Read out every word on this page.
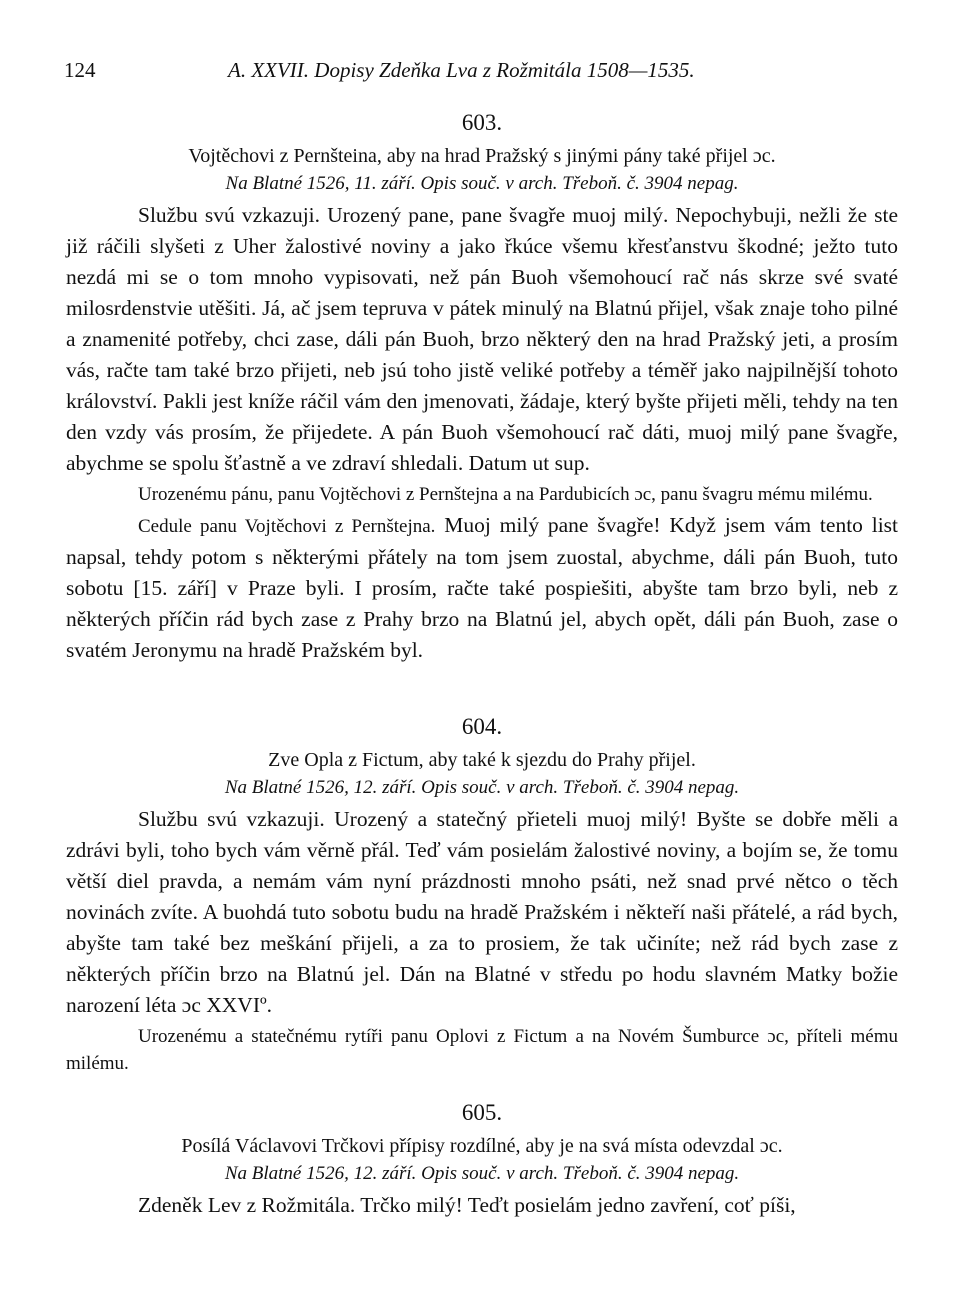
124	A. XXVII. Dopisy Zdeňka Lva z Rožmitála 1508—1535.
603.
Vojtěchovi z Pernšteina, aby na hrad Pražský s jinými pány také přijel ɔc.
Na Blatné 1526, 11. září. Opis souč. v arch. Třeboň. č. 3904 nepag.

Službu svú vzkazuji. Urozený pane, pane švagře muoj milý. Nepochybuji, nežli že ste již ráčili slyšeti z Uher žalostivé noviny a jako řkúce všemu křesťanstvu škodné; ježto tuto nezdá mi se o tom mnoho vypisovati, než pán Buoh všemohoucí rač nás skrze své svaté milosrdenstvie utěšiti. Já, ač jsem tepruva v pátek minulý na Blatnú přijel, však znaje toho pilné a znamenité potřeby, chci zase, dáli pán Buoh, brzo některý den na hrad Pražský jeti, a prosím vás, račte tam také brzo přijeti, neb jsú toho jistě veliké potřeby a téměř jako najpilnější tohoto království. Pakli jest kníže ráčil vám den jmenovati, žádaje, který byšte přijeti měli, tehdy na ten den vzdy vás prosím, že přijedete. A pán Buoh všemohoucí rač dáti, muoj milý pane švagře, abychme se spolu šťastně a ve zdraví shledali. Datum ut sup.

Urozenému pánu, panu Vojtěchovi z Pernštejna a na Pardubicích ɔc, panu švagru mému milému.

Cedule panu Vojtěchovi z Pernštejna. Muoj milý pane švagře! Když jsem vám tento list napsal, tehdy potom s některými přátely na tom jsem zuostal, abychme, dáli pán Buoh, tuto sobotu [15. září] v Praze byli. I prosím, račte také pospiešiti, abyšte tam brzo byli, neb z některých příčin rád bych zase z Prahy brzo na Blatnú jel, abych opět, dáli pán Buoh, zase o svatém Jeronymu na hradě Pražském byl.

604.
Zve Opla z Fictum, aby také k sjezdu do Prahy přijel.
Na Blatné 1526, 12. září. Opis souč. v arch. Třeboň. č. 3904 nepag.

Službu svú vzkazuji. Urozený a statečný přieteli muoj milý! Byšte se dobře měli a zdrávi byli, toho bych vám věrně přál. Teď vám posielám žalostivé noviny, a bojím se, že tomu větší diel pravda, a nemám vám nyní prázdnosti mnoho psáti, než snad prvé nětco o těch novinách zvíte. A buohdá tuto sobotu budu na hradě Pražském i někteří naši přátelé, a rád bych, abyšte tam také bez meškání přijeli, a za to prosiem, že tak učiníte; než rád bych zase z některých příčin brzo na Blatnú jel. Dán na Blatné v středu po hodu slavném Matky božie narození léta ɔc XXVIº.

Urozenému a statečnému rytíři panu Oplovi z Fictum a na Novém Šumburce ɔc, příteli mému milému.

605.
Posílá Václavovi Trčkovi přípisy rozdílné, aby je na svá místa odevzdal ɔc.
Na Blatné 1526, 12. září. Opis souč. v arch. Třeboň. č. 3904 nepag.

Zdeněk Lev z Rožmitála. Trčko milý! Teďt posielám jedno zavření, coť píši,
